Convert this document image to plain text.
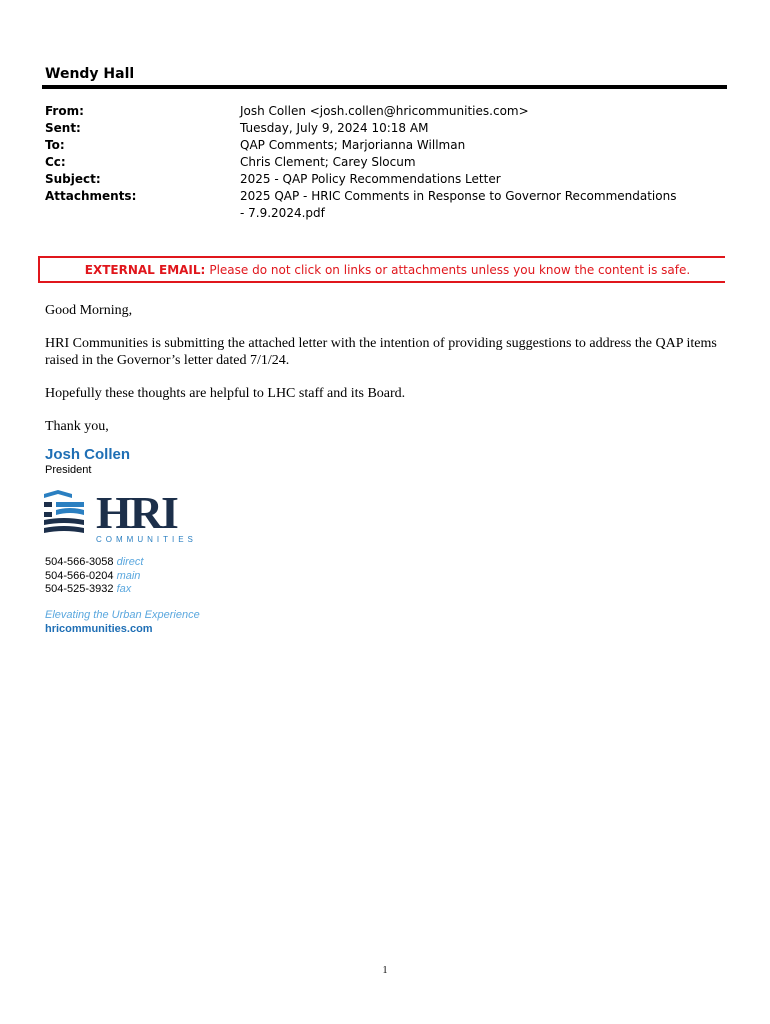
Wendy Hall
From:	Josh Collen <josh.collen@hricommunities.com>
Sent:	Tuesday, July 9, 2024 10:18 AM
To:	QAP Comments; Marjorianna Willman
Cc:	Chris Clement; Carey Slocum
Subject:	2025 - QAP Policy Recommendations Letter
Attachments:	2025 QAP - HRIC Comments in Response to Governor Recommendations - 7.9.2024.pdf
EXTERNAL EMAIL: Please do not click on links or attachments unless you know the content is safe.

Good Morning,

HRI Communities is submitting the attached letter with the intention of providing suggestions to address the QAP items raised in the Governor’s letter dated 7/1/24.

Hopefully these thoughts are helpful to LHC staff and its Board.

Thank you,

Josh Collen
President
HRI
COMMUNITIES
504-566-3058 direct
504-566-0204 main
504-525-3932 fax
Elevating the Urban Experience
hricommunities.com
1
